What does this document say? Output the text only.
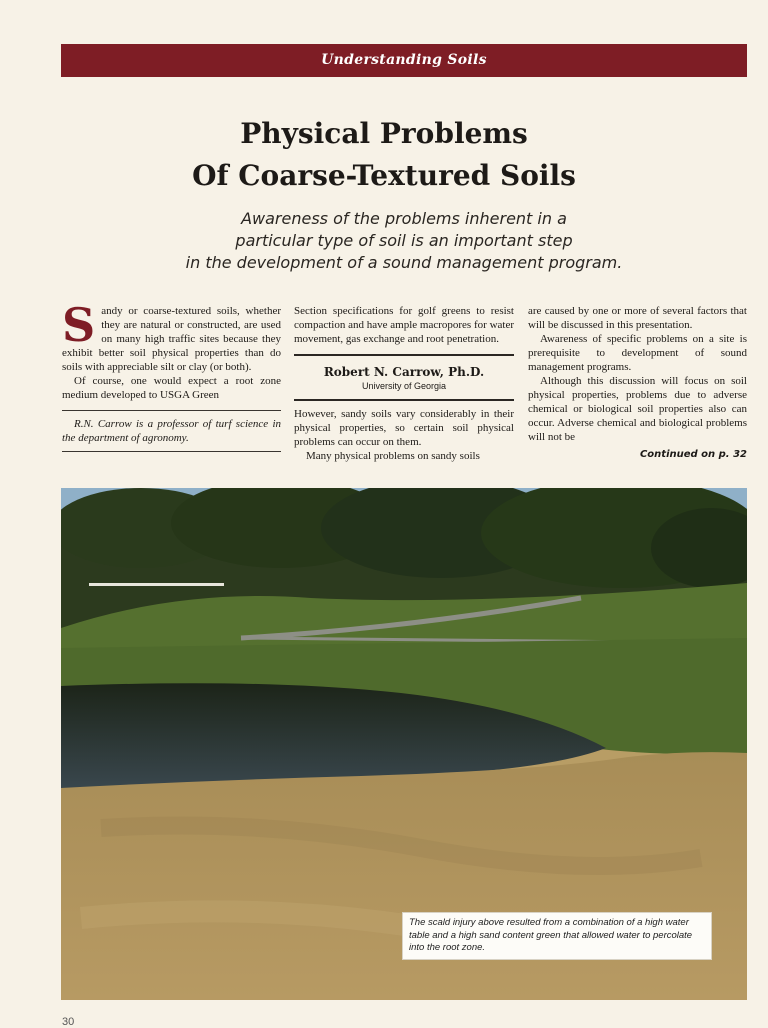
Understanding Soils
Physical Problems
Of Coarse-Textured Soils
Awareness of the problems inherent in a
particular type of soil is an important step
in the development of a sound management program.

Sandy or coarse-textured soils, whether they are natural or constructed, are used on many high traffic sites because they exhibit better soil physical properties than do soils with appreciable silt or clay (or both).

Of course, one would expect a root zone medium developed to USGA Green

R.N. Carrow is a professor of turf science in the department of agronomy.

Section specifications for golf greens to resist compaction and have ample macropores for water movement, gas exchange and root penetration.

Robert N. Carrow, Ph.D.
University of Georgia

However, sandy soils vary considerably in their physical properties, so certain soil physical problems can occur on them.

Many physical problems on sandy soils

are caused by one or more of several factors that will be discussed in this presentation.

Awareness of specific problems on a site is prerequisite to development of sound management programs.

Although this discussion will focus on soil physical properties, problems due to adverse chemical or biological soil properties also can occur. Adverse chemical and biological problems will not be

Continued on p. 32
The scald injury above resulted from a combination of a high water table and a high sand content green that allowed water to percolate into the root zone.
30
